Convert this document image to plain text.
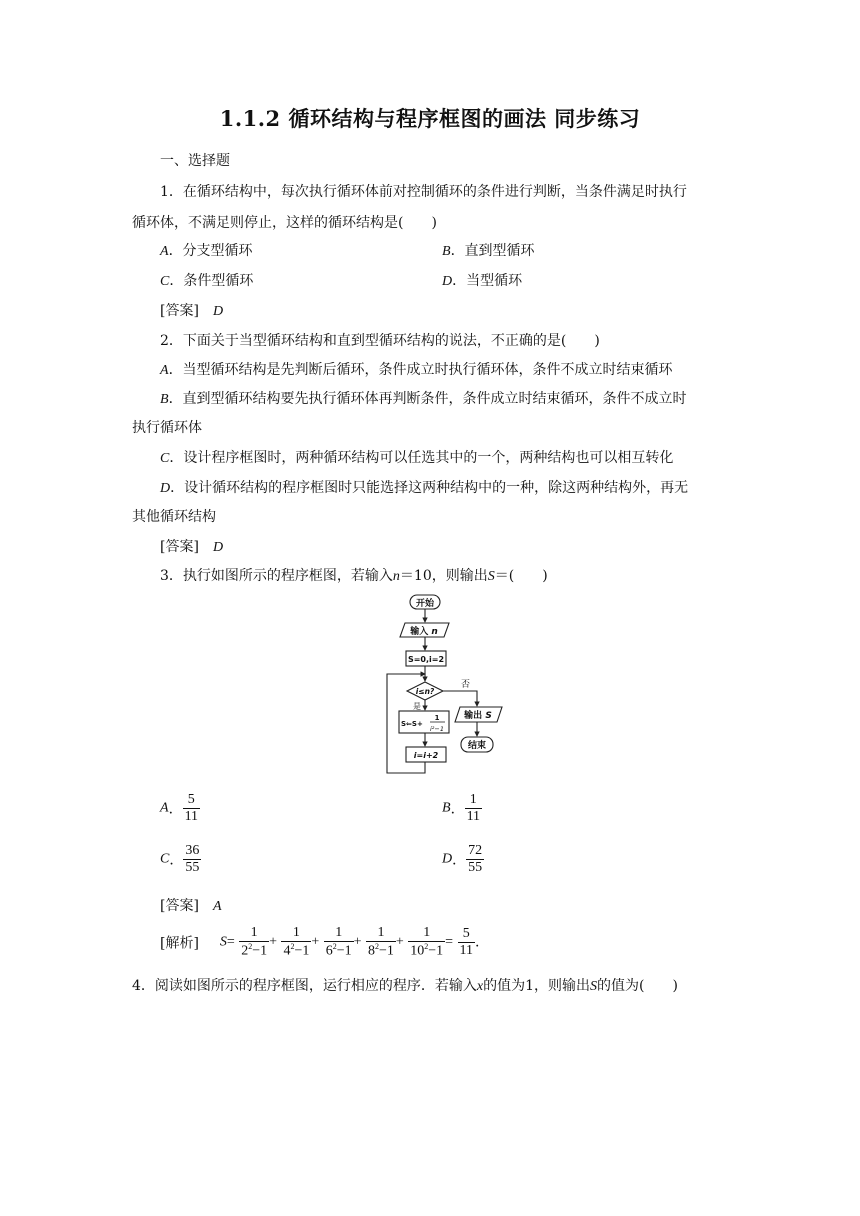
1.1.2 循环结构与程序框图的画法 同步练习
一、选择题
1．在循环结构中，每次执行循环体前对控制循环的条件进行判断，当条件满足时执行
循环体，不满足则停止，这样的循环结构是(　　)
A．分支型循环	B．直到型循环
C．条件型循环	D．当型循环
[答案] D
2．下面关于当型循环结构和直到型循环结构的说法，不正确的是(　　)
A．当型循环结构是先判断后循环，条件成立时执行循环体，条件不成立时结束循环
B．直到型循环结构要先执行循环体再判断条件，条件成立时结束循环，条件不成立时
执行循环体
C．设计程序框图时，两种循环结构可以任选其中的一个，两种结构也可以相互转化
D．设计循环结构的程序框图时只能选择这两种结构中的一种，除这两种结构外，再无
其他循环结构
[答案] D
3．执行如图所示的程序框图，若输入n＝10，则输出S＝(　　)
开始
输入 n
S=0,i=2
i≤n?
是
否
S⇐S+
1
i²−1
i=i+2
输出 S
结束
A． $\frac{5}{11}$	B． $\frac{1}{11}$
C． $\frac{36}{55}$	D． $\frac{72}{55}$
[答案] A
[解析] $S= \frac{1}{2^2-1} + \frac{1}{4^2-1} + \frac{1}{6^2-1} + \frac{1}{8^2-1} + \frac{1}{10^2-1} = \frac{5}{11}$ .
4．阅读如图所示的程序框图，运行相应的程序．若输入x的值为1，则输出S的值为(　　)
